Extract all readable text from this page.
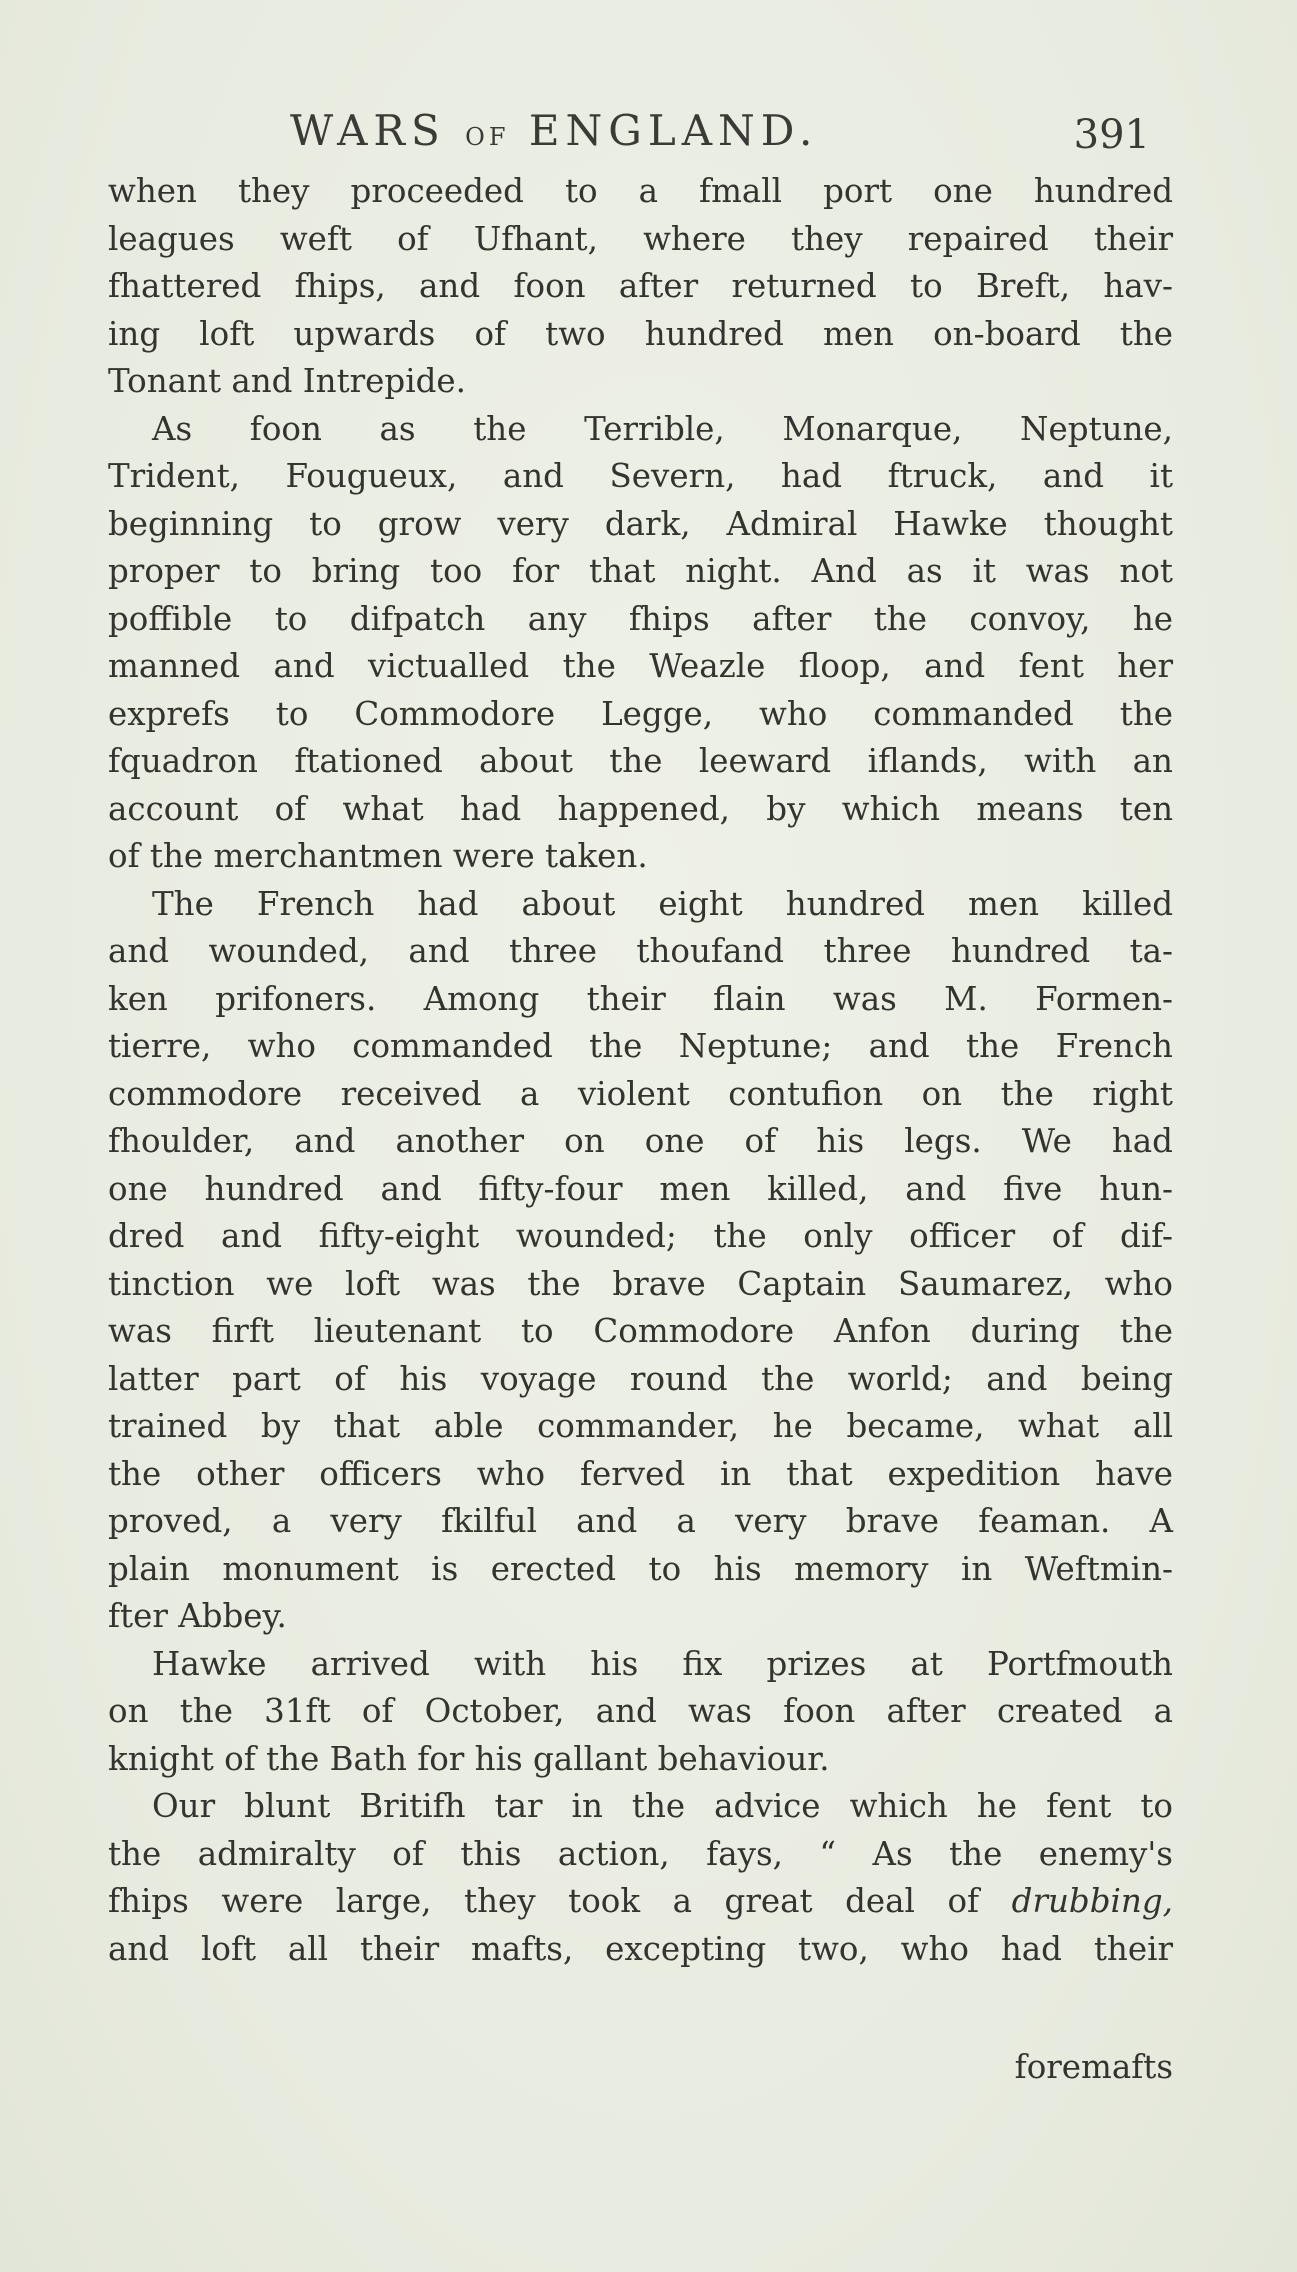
WARS OF ENGLAND.	391

when they proceeded to a fmall port one hundred

leagues weft of Ufhant, where they repaired their

fhattered fhips, and foon after returned to Breft, hav-

ing loft upwards of two hundred men on-board the

Tonant and Intrepide.

As foon as the Terrible, Monarque, Neptune,

Trident, Fougueux, and Severn, had ftruck, and it

beginning to grow very dark, Admiral Hawke thought

proper to bring too for that night. And as it was not

poffible to difpatch any fhips after the convoy, he

manned and victualled the Weazle floop, and fent her

exprefs to Commodore Legge, who commanded the

fquadron ftationed about the leeward iflands, with an

account of what had happened, by which means ten

of the merchantmen were taken.

The French had about eight hundred men killed

and wounded, and three thoufand three hundred ta-

ken prifoners. Among their flain was M. Formen-

tierre, who commanded the Neptune; and the French

commodore received a violent contufion on the right

fhoulder, and another on one of his legs. We had

one hundred and fifty-four men killed, and five hun-

dred and fifty-eight wounded; the only officer of dif-

tinction we loft was the brave Captain Saumarez, who

was firft lieutenant to Commodore Anfon during the

latter part of his voyage round the world; and being

trained by that able commander, he became, what all

the other officers who ferved in that expedition have

proved, a very fkilful and a very brave feaman. A

plain monument is erected to his memory in Weftmin-

fter Abbey.

Hawke arrived with his fix prizes at Portfmouth

on the 31ft of October, and was foon after created a

knight of the Bath for his gallant behaviour.

Our blunt Britifh tar in the advice which he fent to

the admiralty of this action, fays, “ As the enemy's

fhips were large, they took a great deal of drubbing,

and loft all their mafts, excepting two, who had their

foremafts
